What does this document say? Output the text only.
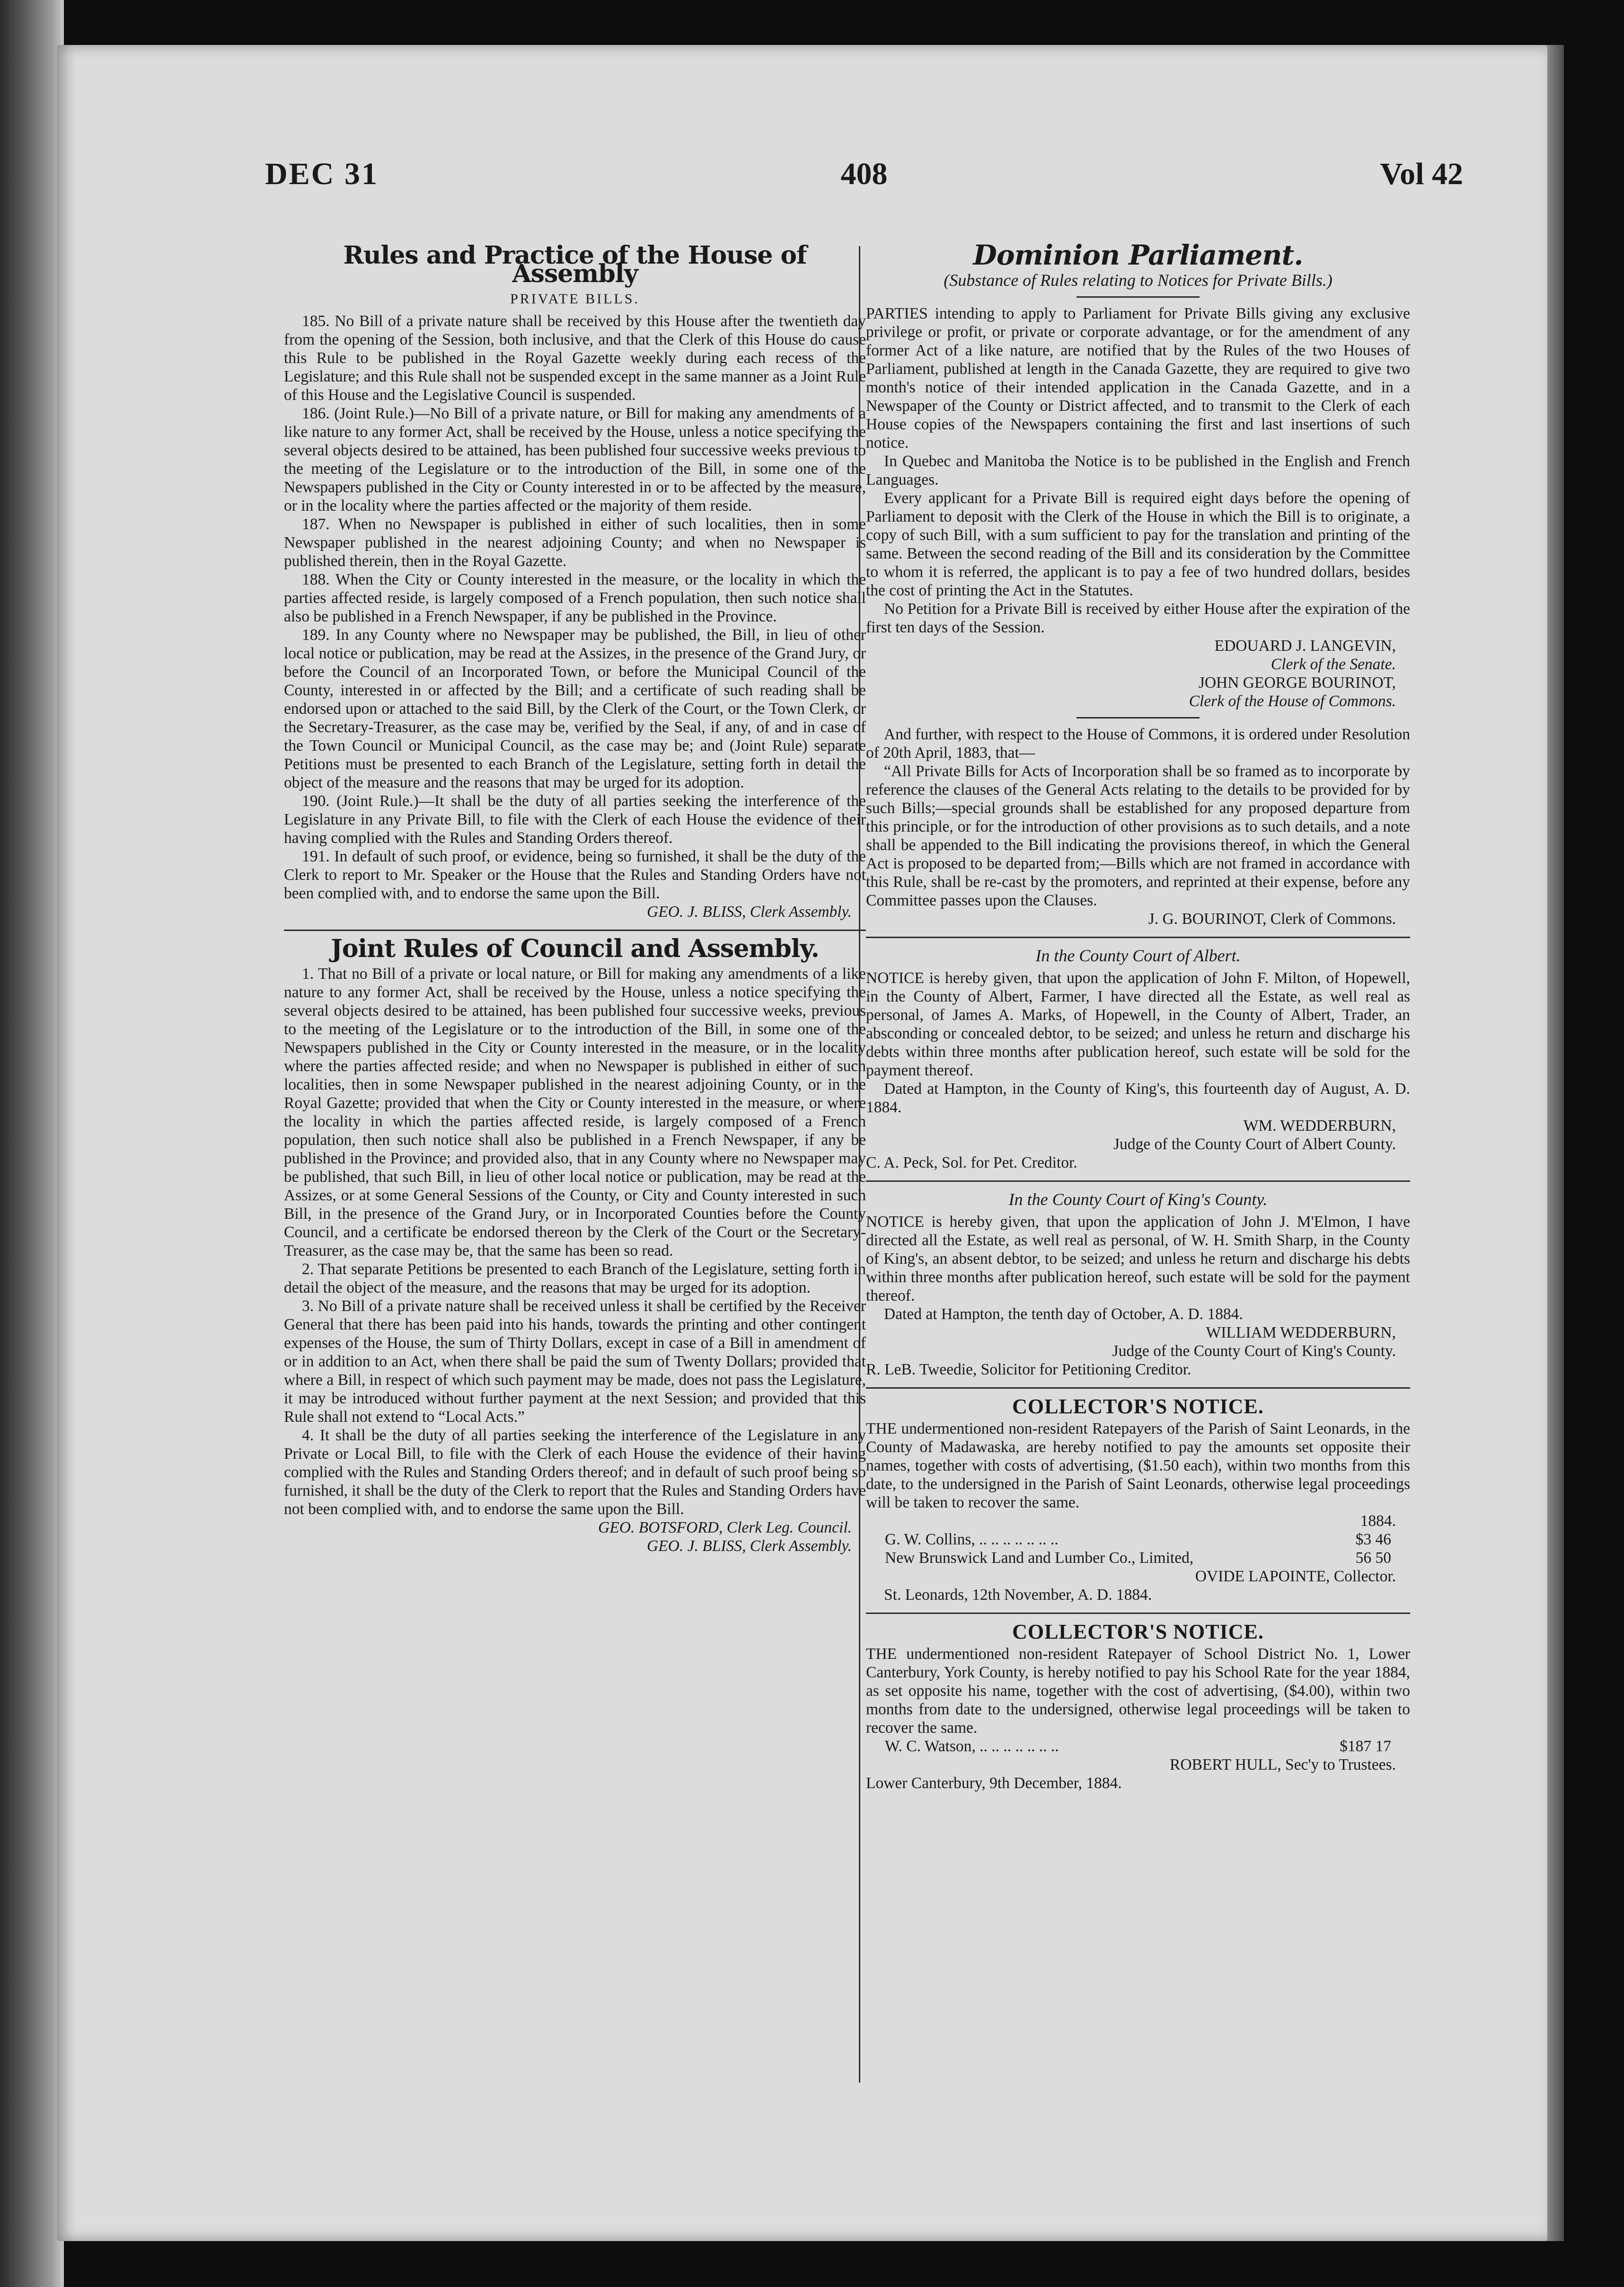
DEC 31	408	Vol 42
Rules and Practice of the House of Assembly
PRIVATE BILLS.

185. No Bill of a private nature shall be received by this House after the twentieth day from the opening of the Session, both inclusive, and that the Clerk of this House do cause this Rule to be published in the Royal Gazette weekly during each recess of the Legislature; and this Rule shall not be suspended except in the same manner as a Joint Rule of this House and the Legislative Council is suspended.

186. (Joint Rule.)—No Bill of a private nature, or Bill for making any amendments of a like nature to any former Act, shall be received by the House, unless a notice specifying the several objects desired to be attained, has been published four successive weeks previous to the meeting of the Legislature or to the introduction of the Bill, in some one of the Newspapers published in the City or County interested in or to be affected by the measure, or in the locality where the parties affected or the majority of them reside.

187. When no Newspaper is published in either of such localities, then in some Newspaper published in the nearest adjoining County; and when no Newspaper is published therein, then in the Royal Gazette.

188. When the City or County interested in the measure, or the locality in which the parties affected reside, is largely composed of a French population, then such notice shall also be published in a French Newspaper, if any be published in the Province.

189. In any County where no Newspaper may be published, the Bill, in lieu of other local notice or publication, may be read at the Assizes, in the presence of the Grand Jury, or before the Council of an Incorporated Town, or before the Municipal Council of the County, interested in or affected by the Bill; and a certificate of such reading shall be endorsed upon or attached to the said Bill, by the Clerk of the Court, or the Town Clerk, or the Secretary-Treasurer, as the case may be, verified by the Seal, if any, of and in case of the Town Council or Municipal Council, as the case may be; and (Joint Rule) separate Petitions must be presented to each Branch of the Legislature, setting forth in detail the object of the measure and the reasons that may be urged for its adoption.

190. (Joint Rule.)—It shall be the duty of all parties seeking the interference of the Legislature in any Private Bill, to file with the Clerk of each House the evidence of their having complied with the Rules and Standing Orders thereof.

191. In default of such proof, or evidence, being so furnished, it shall be the duty of the Clerk to report to Mr. Speaker or the House that the Rules and Standing Orders have not been complied with, and to endorse the same upon the Bill.

GEO. J. BLISS, Clerk Assembly.

Joint Rules of Council and Assembly.

1. That no Bill of a private or local nature, or Bill for making any amendments of a like nature to any former Act, shall be received by the House, unless a notice specifying the several objects desired to be attained, has been published four successive weeks, previous to the meeting of the Legislature or to the introduction of the Bill, in some one of the Newspapers published in the City or County interested in the measure, or in the locality where the parties affected reside; and when no Newspaper is published in either of such localities, then in some Newspaper published in the nearest adjoining County, or in the Royal Gazette; provided that when the City or County interested in the measure, or where the locality in which the parties affected reside, is largely composed of a French population, then such notice shall also be published in a French Newspaper, if any be published in the Province; and provided also, that in any County where no Newspaper may be published, that such Bill, in lieu of other local notice or publication, may be read at the Assizes, or at some General Sessions of the County, or City and County interested in such Bill, in the presence of the Grand Jury, or in Incorporated Counties before the County Council, and a certificate be endorsed thereon by the Clerk of the Court or the Secretary-Treasurer, as the case may be, that the same has been so read.

2. That separate Petitions be presented to each Branch of the Legislature, setting forth in detail the object of the measure, and the reasons that may be urged for its adoption.

3. No Bill of a private nature shall be received unless it shall be certified by the Receiver General that there has been paid into his hands, towards the printing and other contingent expenses of the House, the sum of Thirty Dollars, except in case of a Bill in amendment of or in addition to an Act, when there shall be paid the sum of Twenty Dollars; provided that where a Bill, in respect of which such payment may be made, does not pass the Legislature, it may be introduced without further payment at the next Session; and provided that this Rule shall not extend to “Local Acts.”

4. It shall be the duty of all parties seeking the interference of the Legislature in any Private or Local Bill, to file with the Clerk of each House the evidence of their having complied with the Rules and Standing Orders thereof; and in default of such proof being so furnished, it shall be the duty of the Clerk to report that the Rules and Standing Orders have not been complied with, and to endorse the same upon the Bill.

GEO. BOTSFORD, Clerk Leg. Council.

GEO. J. BLISS, Clerk Assembly.

Dominion Parliament.
(Substance of Rules relating to Notices for Private Bills.)

PARTIES intending to apply to Parliament for Private Bills giving any exclusive privilege or profit, or private or corporate advantage, or for the amendment of any former Act of a like nature, are notified that by the Rules of the two Houses of Parliament, published at length in the Canada Gazette, they are required to give two month's notice of their intended application in the Canada Gazette, and in a Newspaper of the County or District affected, and to transmit to the Clerk of each House copies of the Newspapers containing the first and last insertions of such notice.

In Quebec and Manitoba the Notice is to be published in the English and French Languages.

Every applicant for a Private Bill is required eight days before the opening of Parliament to deposit with the Clerk of the House in which the Bill is to originate, a copy of such Bill, with a sum sufficient to pay for the translation and printing of the same. Between the second reading of the Bill and its consideration by the Committee to whom it is referred, the applicant is to pay a fee of two hundred dollars, besides the cost of printing the Act in the Statutes.

No Petition for a Private Bill is received by either House after the expiration of the first ten days of the Session.

EDOUARD J. LANGEVIN,

Clerk of the Senate.

JOHN GEORGE BOURINOT,

Clerk of the House of Commons.

And further, with respect to the House of Commons, it is ordered under Resolution of 20th April, 1883, that—

“All Private Bills for Acts of Incorporation shall be so framed as to incorporate by reference the clauses of the General Acts relating to the details to be provided for by such Bills;—special grounds shall be established for any proposed departure from this principle, or for the introduction of other provisions as to such details, and a note shall be appended to the Bill indicating the provisions thereof, in which the General Act is proposed to be departed from;—Bills which are not framed in accordance with this Rule, shall be re-cast by the promoters, and reprinted at their expense, before any Committee passes upon the Clauses.

J. G. BOURINOT, Clerk of Commons.

In the County Court of Albert.

NOTICE is hereby given, that upon the application of John F. Milton, of Hopewell, in the County of Albert, Farmer, I have directed all the Estate, as well real as personal, of James A. Marks, of Hopewell, in the County of Albert, Trader, an absconding or concealed debtor, to be seized; and unless he return and discharge his debts within three months after publication hereof, such estate will be sold for the payment thereof.

Dated at Hampton, in the County of King's, this fourteenth day of August, A. D. 1884.

WM. WEDDERBURN,

Judge of the County Court of Albert County.

C. A. Peck, Sol. for Pet. Creditor.

In the County Court of King's County.

NOTICE is hereby given, that upon the application of John J. M'Elmon, I have directed all the Estate, as well real as personal, of W. H. Smith Sharp, in the County of King's, an absent debtor, to be seized; and unless he return and discharge his debts within three months after publication hereof, such estate will be sold for the payment thereof.

Dated at Hampton, the tenth day of October, A. D. 1884.

WILLIAM WEDDERBURN,

Judge of the County Court of King's County.

R. LeB. Tweedie, Solicitor for Petitioning Creditor.

COLLECTOR'S NOTICE.

THE undermentioned non-resident Ratepayers of the Parish of Saint Leonards, in the County of Madawaska, are hereby notified to pay the amounts set opposite their names, together with costs of advertising, ($1.50 each), within two months from this date, to the undersigned in the Parish of Saint Leonards, otherwise legal proceedings will be taken to recover the same.

1884.

G. W. Collins, .. .. .. .. .. .. ..	$3 46
New Brunswick Land and Lumber Co., Limited,	56 50

OVIDE LAPOINTE, Collector.

St. Leonards, 12th November, A. D. 1884.

COLLECTOR'S NOTICE.

THE undermentioned non-resident Ratepayer of School District No. 1, Lower Canterbury, York County, is hereby notified to pay his School Rate for the year 1884, as set opposite his name, together with the cost of advertising, ($4.00), within two months from date to the undersigned, otherwise legal proceedings will be taken to recover the same.

W. C. Watson, .. .. .. .. .. .. ..	$187 17

ROBERT HULL, Sec'y to Trustees.

Lower Canterbury, 9th December, 1884.
